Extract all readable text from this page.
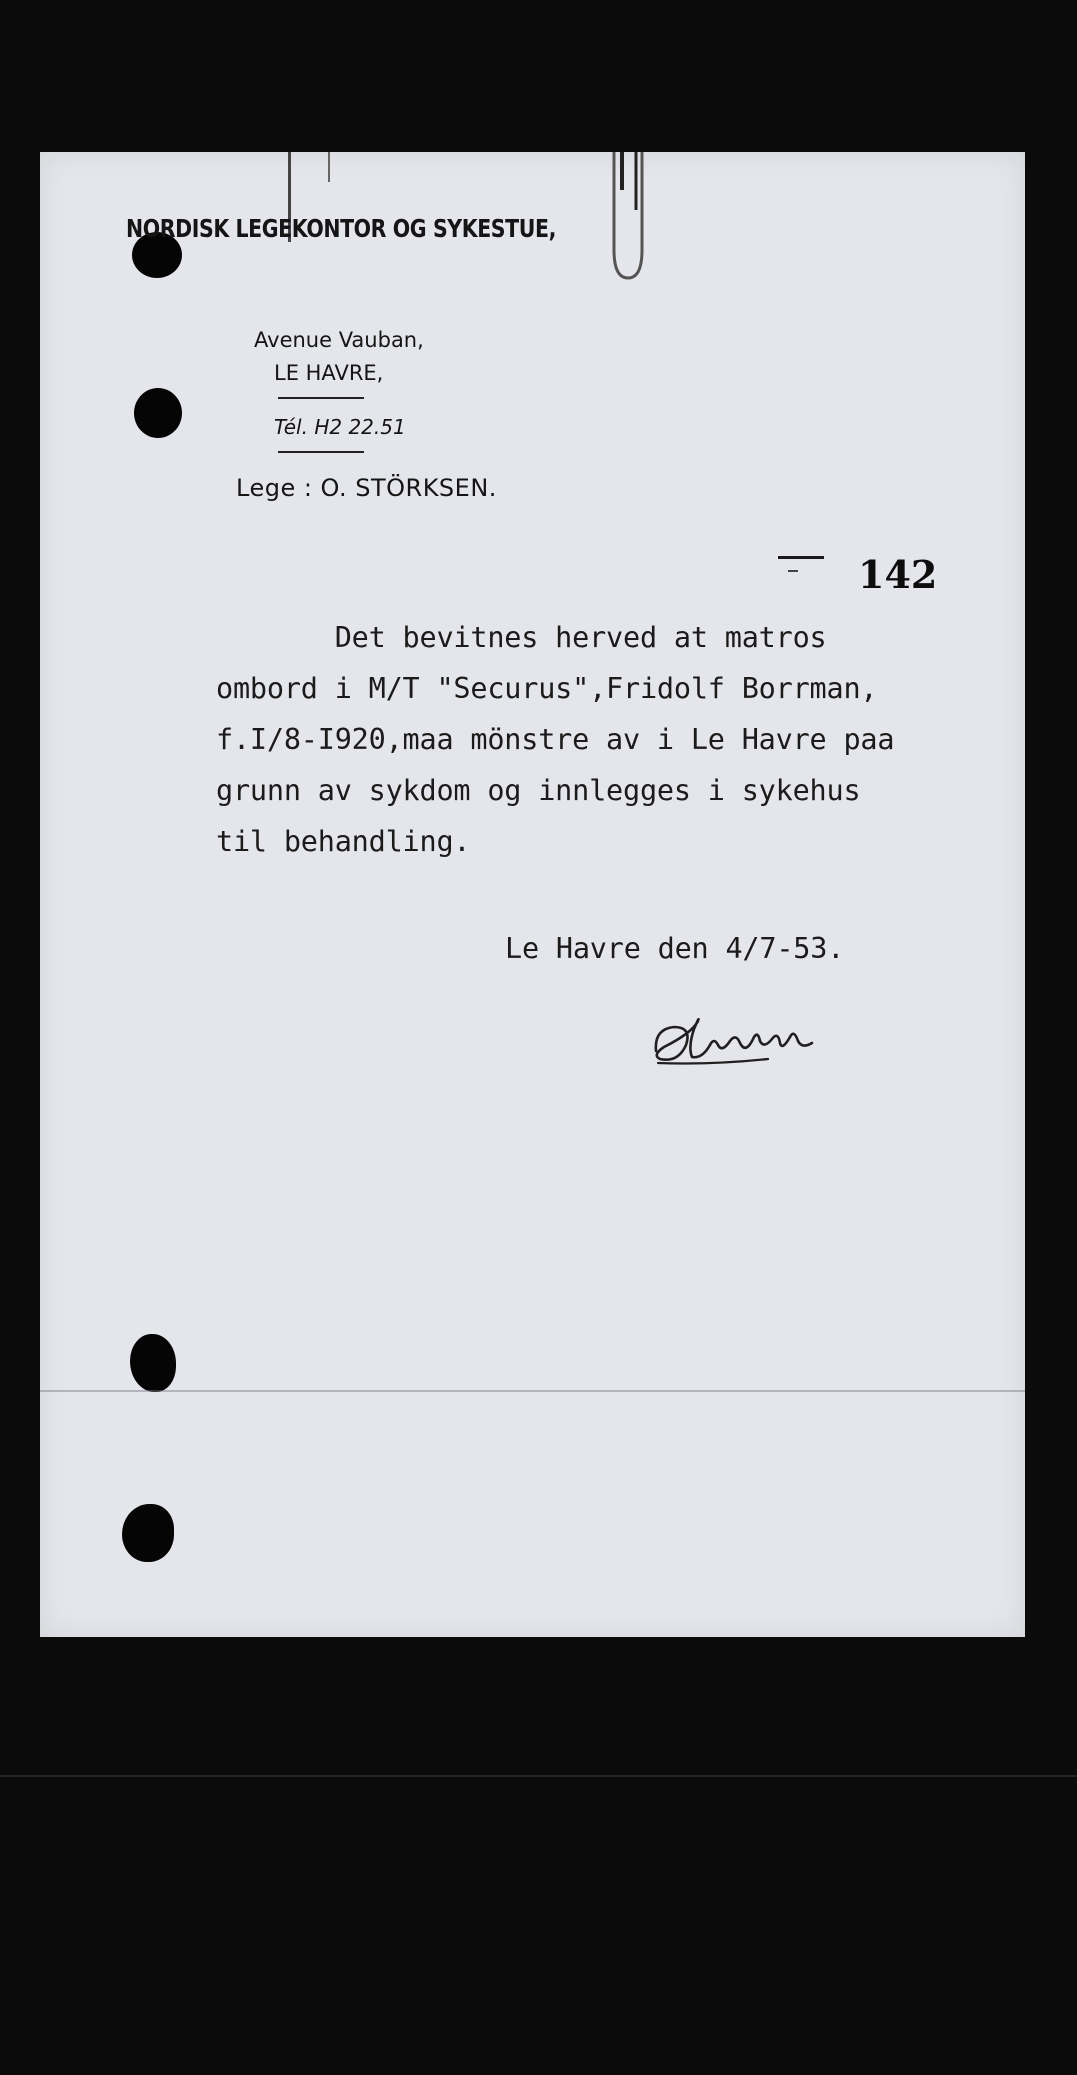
NORDISK LEGEKONTOR OG SYKESTUE,
Avenue Vauban,
LE HAVRE,
Tél. H2 22.51
Lege : O. STÖRKSEN.
142
Det bevitnes herved at matros
ombord i M/T "Securus",Fridolf Borrman,
f.I/8-I920,maa mönstre av i Le Havre paa
grunn av sykdom og innlegges i sykehus
til behandling.
Le Havre den 4/7-53.
